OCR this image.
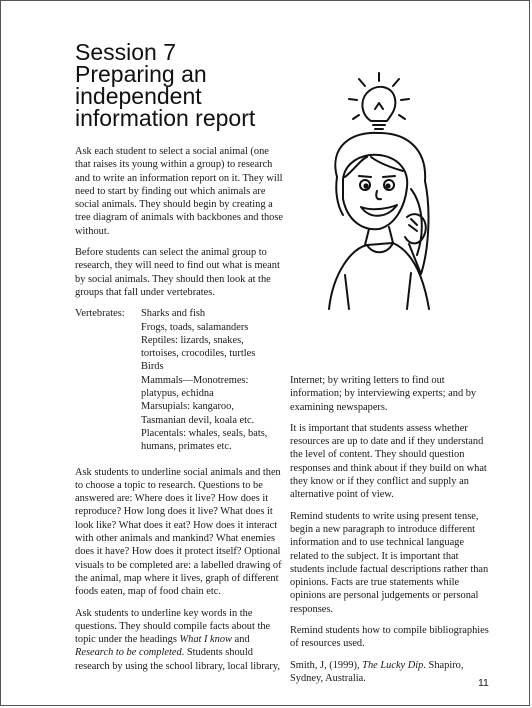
Session 7
Preparing an
independent
information report

Ask each student to select a social animal (one that raises its young within a group) to research and to write an information report on it. They will need to start by finding out which animals are social animals. They should begin by creating a tree diagram of animals with backbones and those without.

Before students can select the animal group to research, they will need to find out what is meant by social animals. They should then look at the groups that fall under vertebrates.

Vertebrates:	Sharks and fish
Frogs, toads, salamanders
Reptiles: lizards, snakes,
tortoises, crocodiles, turtles
Birds
Mammals—Monotremes:
platypus, echidna
Marsupials: kangaroo,
Tasmanian devil, koala etc.
Placentals: whales, seals, bats,
humans, primates etc.

Ask students to underline social animals and then to choose a topic to research. Questions to be answered are: Where does it live? How does it reproduce? How long does it live? What does it look like? What does it eat? How does it interact with other animals and mankind? What enemies does it have? How does it protect itself? Optional visuals to be completed are: a labelled drawing of the animal, map where it lives, graph of different foods eaten, map of food chain etc.

Ask students to underline key words in the questions. They should compile facts about the topic under the headings What I know and Research to be completed. Students should research by using the school library, local library,

Internet; by writing letters to find out information; by interviewing experts; and by examining newspapers.

It is important that students assess whether resources are up to date and if they understand the level of content. They should question responses and think about if they build on what they know or if they conflict and supply an alternative point of view.

Remind students to write using present tense, begin a new paragraph to introduce different information and to use technical language related to the subject. It is important that students include factual descriptions rather than opinions. Facts are true statements while opinions are personal judgements or personal responses.

Remind students how to compile bibliographies of resources used.

Smith, J, (1999), The Lucky Dip. Shapiro, Sydney, Australia.	11
